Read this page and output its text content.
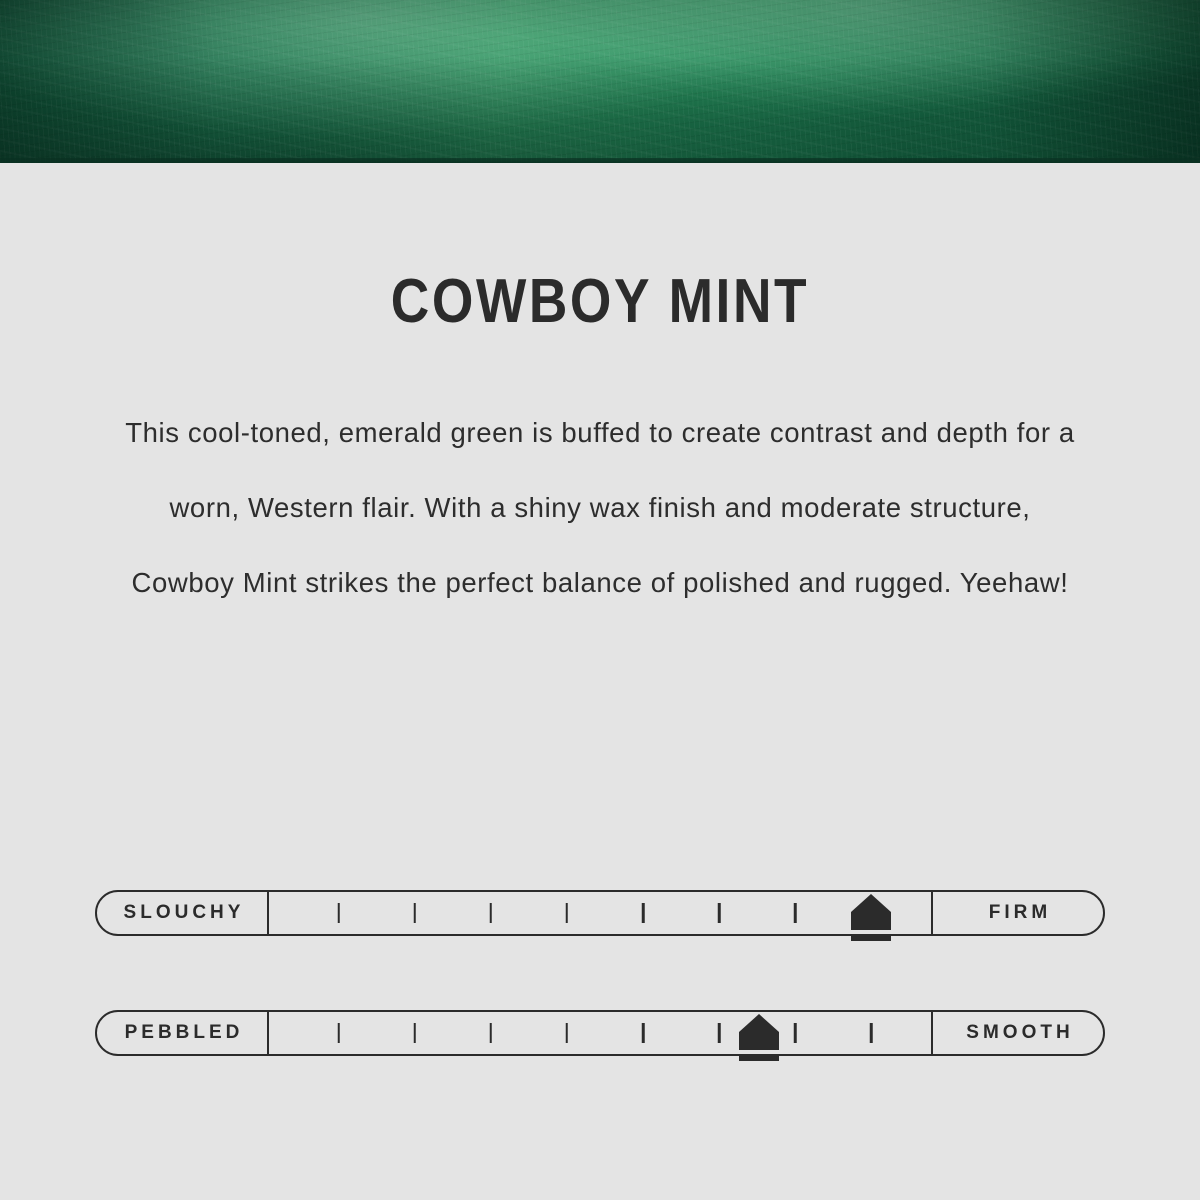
COWBOY MINT

This cool-toned, emerald green is buffed to create contrast and depth for a worn, Western flair. With a shiny wax finish and moderate structure, Cowboy Mint strikes the perfect balance of polished and rugged. Yeehaw!

SLOUCHY	FIRM
PEBBLED	SMOOTH
